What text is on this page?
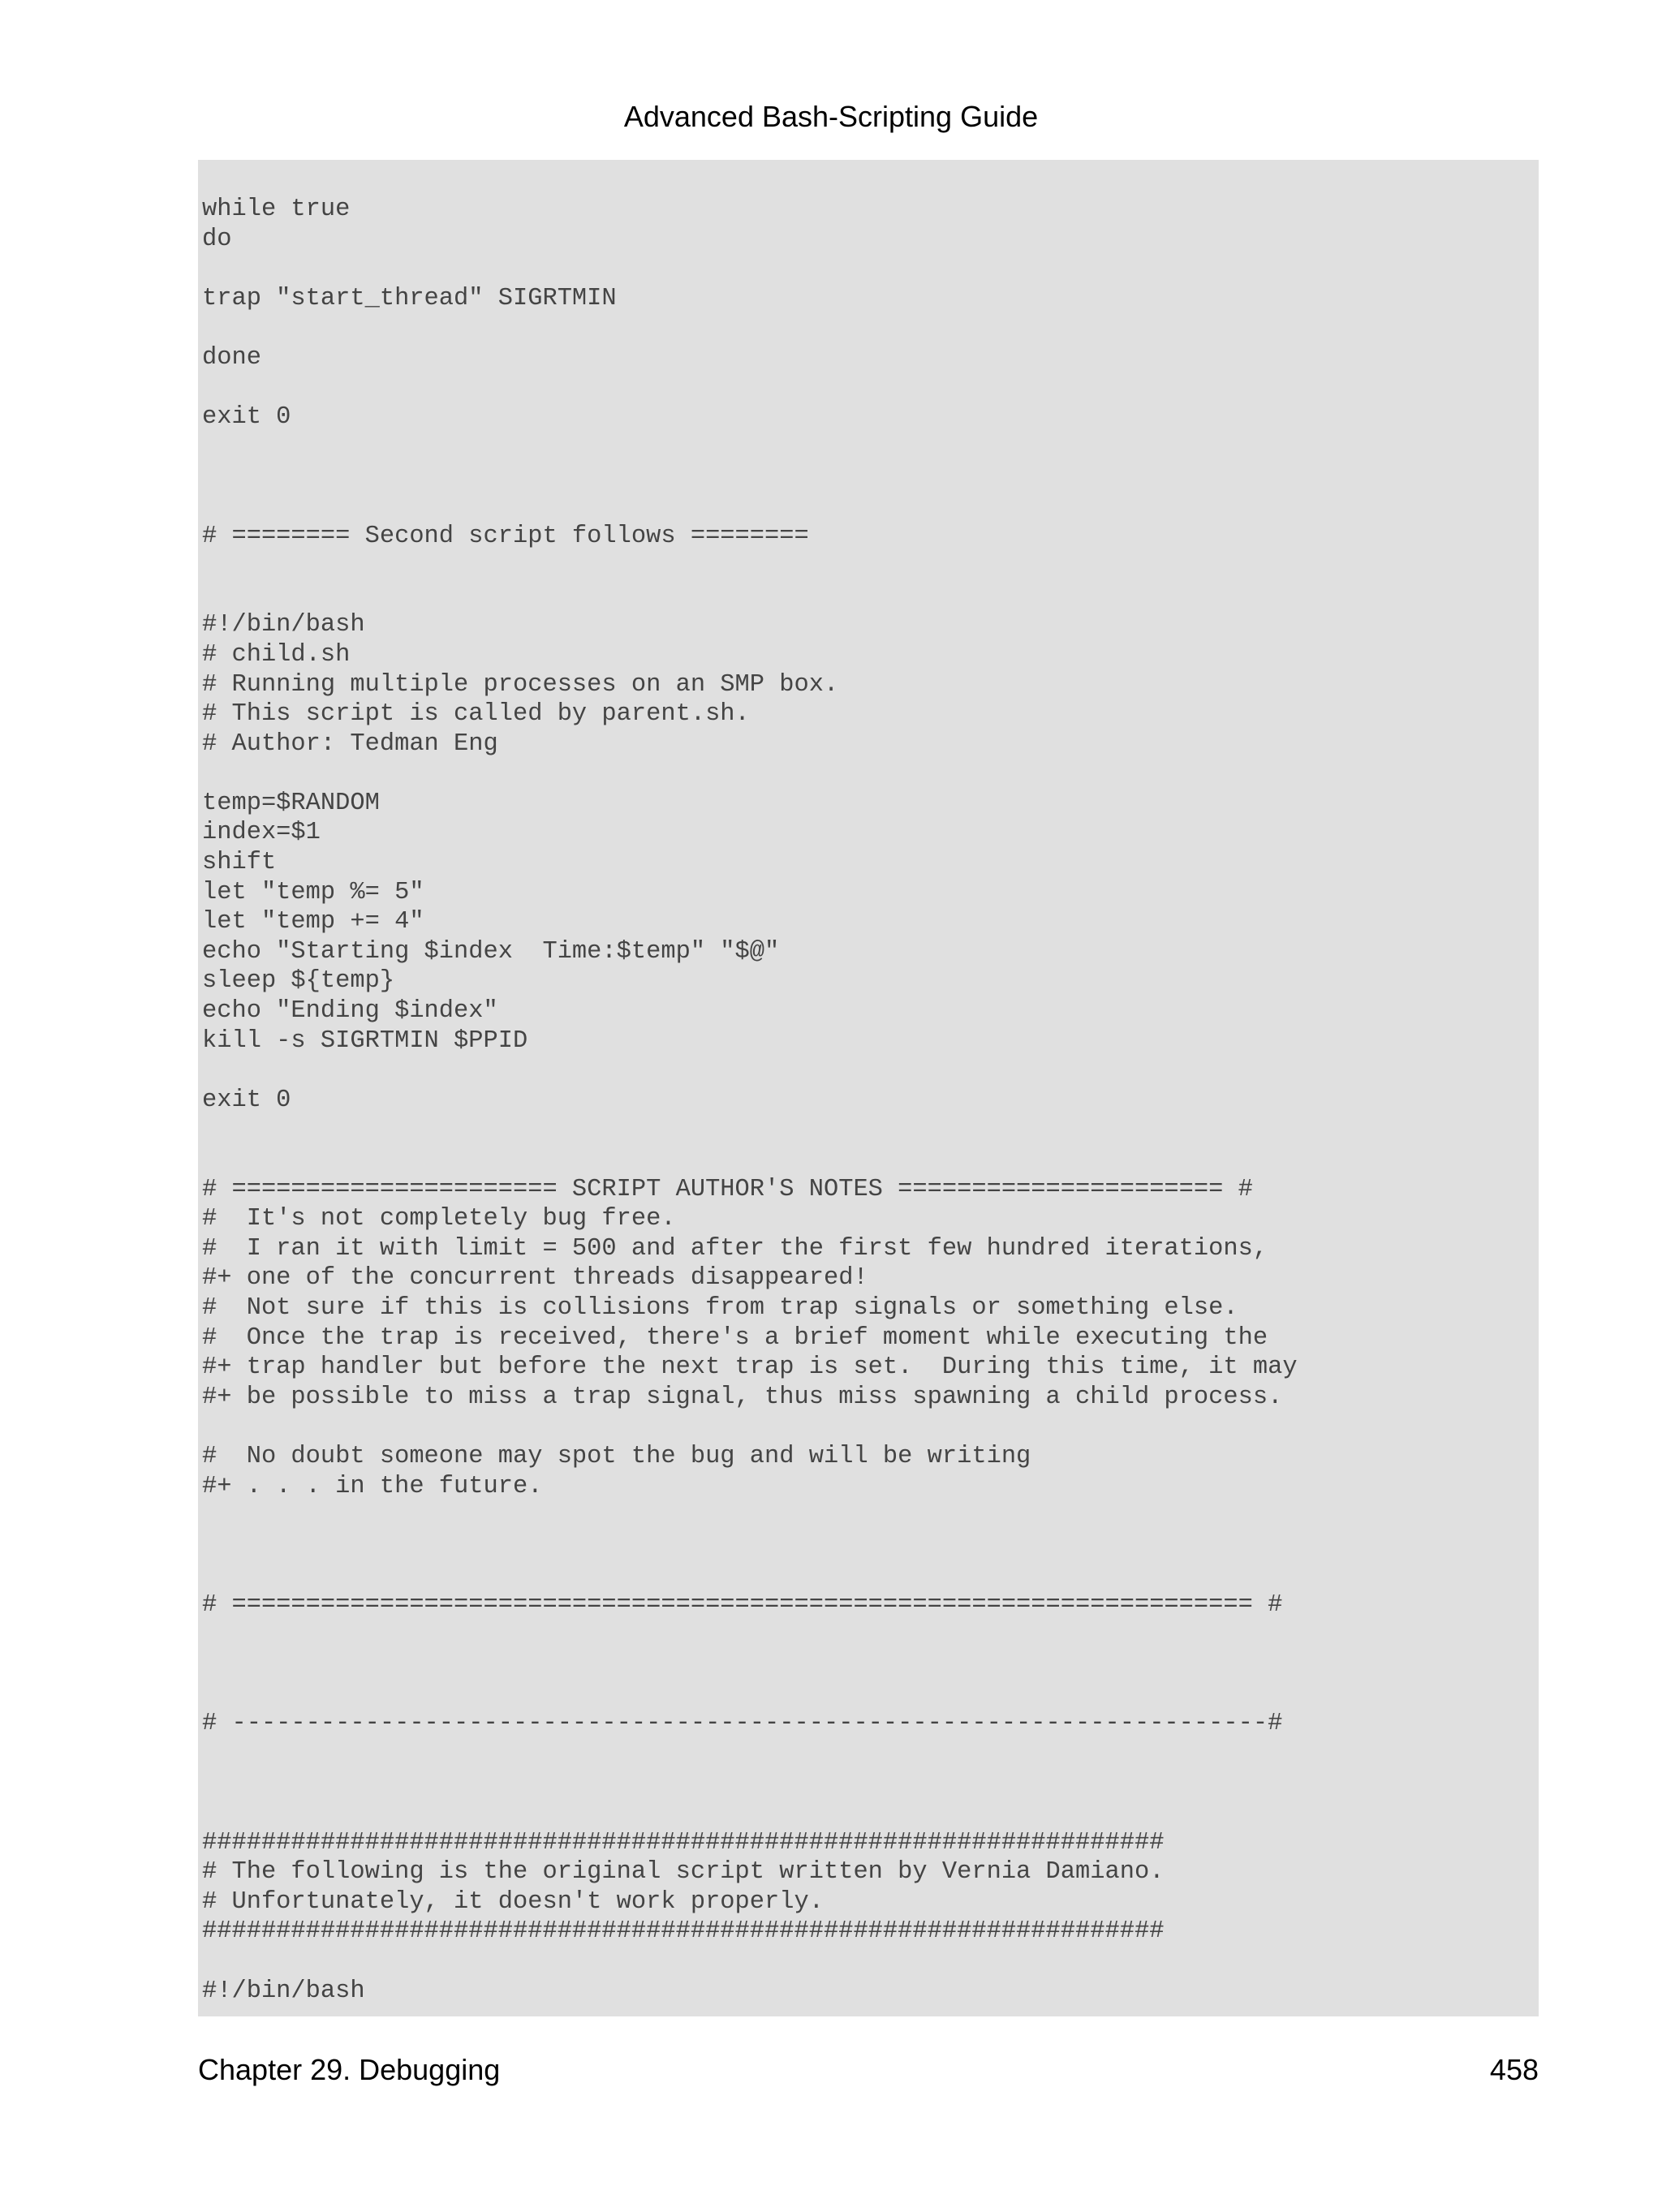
Advanced Bash-Scripting Guide
while true
do

trap "start_thread" SIGRTMIN

done

exit 0

# ======== Second script follows ========

#!/bin/bash
# child.sh
# Running multiple processes on an SMP box.
# This script is called by parent.sh.
# Author: Tedman Eng

temp=$RANDOM
index=$1
shift
let "temp %= 5"
let "temp += 4"
echo "Starting $index  Time:$temp" "$@"
sleep ${temp}
echo "Ending $index"
kill -s SIGRTMIN $PPID

exit 0

# ====================== SCRIPT AUTHOR'S NOTES ====================== #
#  It's not completely bug free.
#  I ran it with limit = 500 and after the first few hundred iterations,
#+ one of the concurrent threads disappeared!
#  Not sure if this is collisions from trap signals or something else.
#  Once the trap is received, there's a brief moment while executing the
#+ trap handler but before the next trap is set.  During this time, it may
#+ be possible to miss a trap signal, thus miss spawning a child process.

#  No doubt someone may spot the bug and will be writing
#+ . . . in the future.

# ===================================================================== #

# ----------------------------------------------------------------------#

#################################################################
# The following is the original script written by Vernia Damiano.
# Unfortunately, it doesn't work properly.
#################################################################

#!/bin/bash
Chapter 29. Debugging	458
